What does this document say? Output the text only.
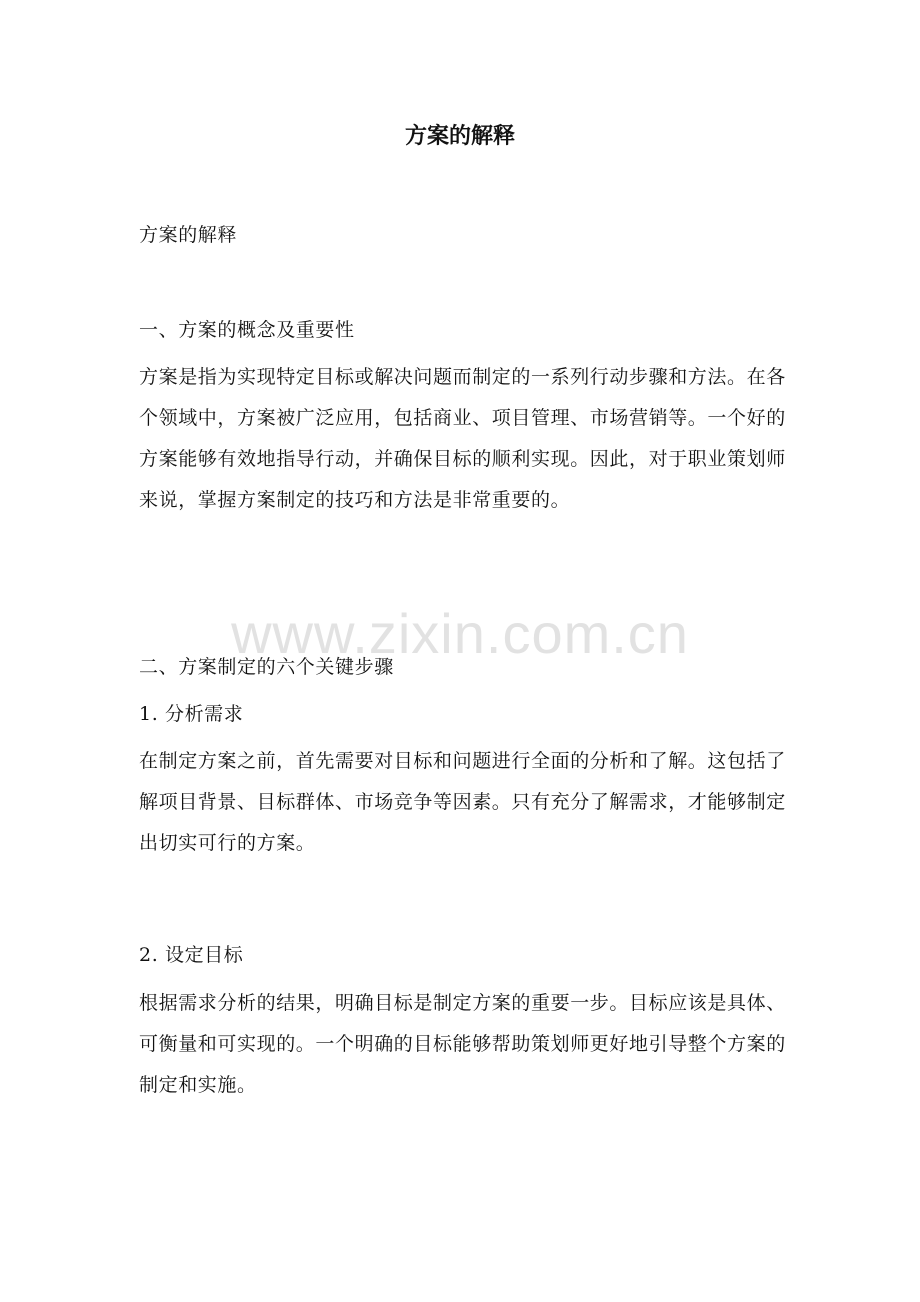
方案的解释

方案的解释

一、方案的概念及重要性

方案是指为实现特定目标或解决问题而制定的一系列行动步骤和方法。在各个领域中，方案被广泛应用，包括商业、项目管理、市场营销等。一个好的方案能够有效地指导行动，并确保目标的顺利实现。因此，对于职业策划师来说，掌握方案制定的技巧和方法是非常重要的。

www.zixin.com.cn

二、方案制定的六个关键步骤

1. 分析需求

在制定方案之前，首先需要对目标和问题进行全面的分析和了解。这包括了解项目背景、目标群体、市场竞争等因素。只有充分了解需求，才能够制定出切实可行的方案。

2. 设定目标

根据需求分析的结果，明确目标是制定方案的重要一步。目标应该是具体、可衡量和可实现的。一个明确的目标能够帮助策划师更好地引导整个方案的制定和实施。
